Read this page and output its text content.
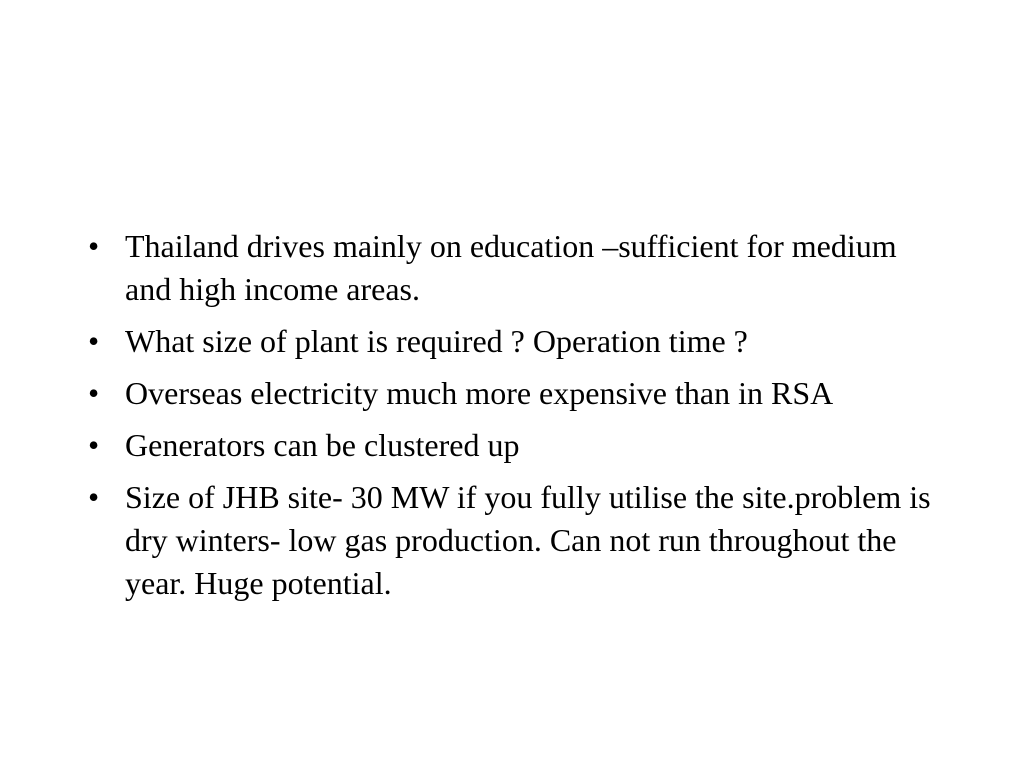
• Thailand drives mainly on education –sufficient for medium and high income areas.
• What size of plant is required ? Operation time ?
• Overseas electricity much more expensive than in RSA
• Generators can be clustered up
• Size of JHB site- 30 MW if you fully utilise the site.problem is dry winters- low gas production. Can not run throughout the year. Huge potential.
